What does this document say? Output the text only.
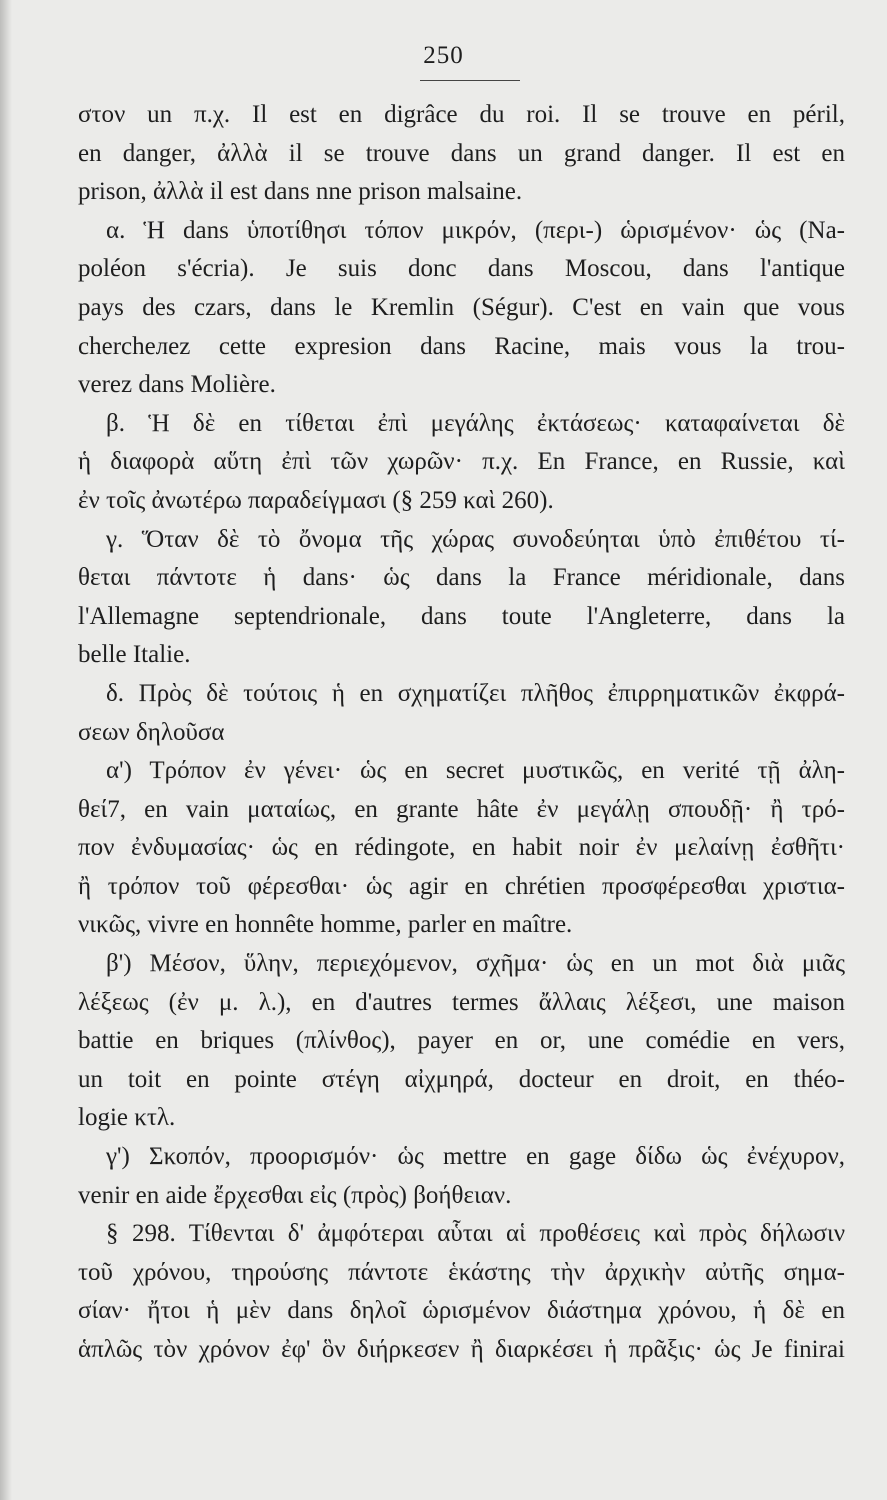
250
στον un π.χ. Il est en digrâce du roi. Il se trouve en péril,
en danger, ἀλλὰ il se trouve dans un grand danger. Il est en
prison, ἀλλὰ il est dans nne prison malsaine.
α. Ἡ dans ὑποτίθησι τόπον μικρόν, (περι-) ὡρισμένον· ὡς (Na-
poléon s'écria). Je suis donc dans Moscou, dans l'antique
pays des czars, dans le Kremlin (Ségur). C'est en vain que vous
chercheлez cette expresion dans Racine, mais vous la trou-
verez dans Molière.
β. Ἡ δὲ en τίθεται ἐπὶ μεγάλης ἐκτάσεως· καταφαίνεται δὲ
ἡ διαφορὰ αὕτη ἐπὶ τῶν χωρῶν· π.χ. En France, en Russie, καὶ
ἐν τοῖς ἀνωτέρω παραδείγμασι (§ 259 καὶ 260).
γ. Ὅταν δὲ τὸ ὄνομα τῆς χώρας συνοδεύηται ὑπὸ ἐπιθέτου τί-
θεται πάντοτε ἡ dans· ὡς dans la France méridionale, dans
l'Allemagne septendrionale, dans toute l'Angleterre, dans la
belle Italie.
δ. Πρὸς δὲ τούτοις ἡ en σχηματίζει πλῆθος ἐπιρρηματικῶν ἐκφρά-
σεων δηλοῦσα
α') Τρόπον ἐν γένει· ὡς en secret μυστικῶς, en verité τῇ ἀλη-
θεί7, en vain ματαίως, en grante hâte ἐν μεγάλῃ σπουδῇ· ἢ τρό-
πον ἐνδυμασίας· ὡς en rédingote, en habit noir ἐν μελαίνῃ ἐσθῆτι·
ἢ τρόπον τοῦ φέρεσθαι· ὡς agir en chrétien προσφέρεσθαι χριστια-
νικῶς, vivre en honnête homme, parler en maître.
β') Μέσον, ὕλην, περιεχόμενον, σχῆμα· ὡς en un mot διὰ μιᾶς
λέξεως (ἐν μ. λ.), en d'autres termes ἄλλαις λέξεσι, une maison
battie en briques (πλίνθος), payer en or, une comédie en vers,
un toit en pointe στέγη αἰχμηρά, docteur en droit, en théo-
logie κτλ.
γ') Σκοπόν, προορισμόν· ὡς mettre en gage δίδω ὡς ἐνέχυρον,
venir en aide ἔρχεσθαι εἰς (πρὸς) βοήθειαν.
§ 298. Τίθενται δ' ἀμφότεραι αὗται αἱ προθέσεις καὶ πρὸς δήλωσιν
τοῦ χρόνου, τηρούσης πάντοτε ἑκάστης τὴν ἀρχικὴν αὐτῆς σημα-
σίαν· ἤτοι ἡ μὲν dans δηλοῖ ὡρισμένον διάστημα χρόνου, ἡ δὲ en
ἁπλῶς τὸν χρόνον ἐφ' ὃν διήρκεσεν ἢ διαρκέσει ἡ πρᾶξις· ὡς Je finirai
